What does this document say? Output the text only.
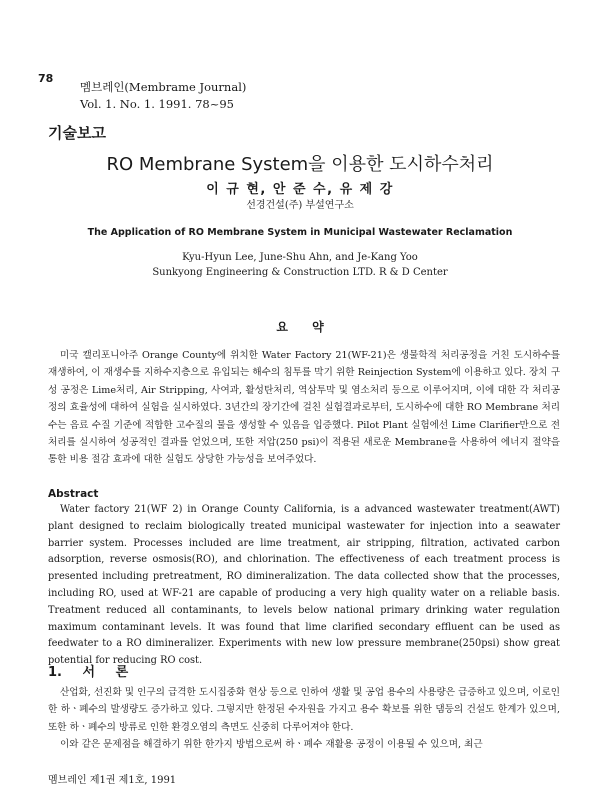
78
멤브레인(Membrame Journal)
Vol. 1. No. 1. 1991. 78~95
기술보고
RO Membrane System을 이용한 도시하수처리
이 규 현, 안 준 수, 유 제 강
선경건설(주) 부설연구소
The Application of RO Membrane System in Municipal Wastewater Reclamation
Kyu-Hyun Lee, June-Shu Ahn, and Je-Kang Yoo
Sunkyong Engineering & Construction LTD. R & D Center
요 약
미국 캘리포니아주 Orange County에 위치한 Water Factory 21(WF-21)은 생물학적 처리공정을 거친 도시하수를 재생하여, 이 재생수를 지하수지층으로 유입되는 해수의 침투를 막기 위한 Reinjection System에 이용하고 있다. 장치 구성 공정은 Lime처리, Air Stripping, 사여과, 활성탄처리, 역삼투막 및 염소처리 등으로 이루어지며, 이에 대한 각 처리공정의 효율성에 대하여 실험을 실시하였다. 3년간의 장기간에 걸친 실험결과로부터, 도시하수에 대한 RO Membrane 처리수는 음료 수질 기준에 적합한 고수질의 물을 생성할 수 있음을 입증했다. Pilot Plant 실험에선 Lime Clarifier만으로 전처리를 실시하여 성공적인 결과를 얻었으며, 또한 저압(250 psi)이 적용된 새로운 Membrane을 사용하여 에너지 절약을 통한 비용 절감 효과에 대한 실험도 상당한 가능성을 보여주었다.
Abstract
Water factory 21(WF 2) in Orange County California, is a advanced wastewater treatment(AWT) plant designed to reclaim biologically treated municipal wastewater for injection into a seawater barrier system. Processes included are lime treatment, air stripping, filtration, activated carbon adsorption, reverse osmosis(RO), and chlorination. The effectiveness of each treatment process is presented including pretreatment, RO dimineralization. The data collected show that the processes, including RO, used at WF-21 are capable of producing a very high quality water on a reliable basis. Treatment reduced all contaminants, to levels below national primary drinking water regulation maximum contaminant levels. It was found that lime clarified secondary effluent can be used as feedwater to a RO dimineralizer. Experiments with new low pressure membrane(250psi) show great potential for reducing RO cost.
1. 서 론

산업화, 선진화 및 인구의 급격한 도시집중화 현상 등으로 인하여 생활 및 공업 용수의 사용량은 급증하고 있으며, 이로인한 하ㆍ폐수의 발생량도 증가하고 있다. 그렇지만 한정된 수자원을 가지고 용수 확보를 위한 댐등의 건설도 한계가 있으며, 또한 하ㆍ폐수의 방류로 인한 환경오염의 측면도 신중히 다루어져야 한다.

이와 같은 문제점을 해결하기 위한 한가지 방법으로써 하ㆍ폐수 재활용 공정이 이용될 수 있으며, 최근

멤브레인 제1권 제1호, 1991
